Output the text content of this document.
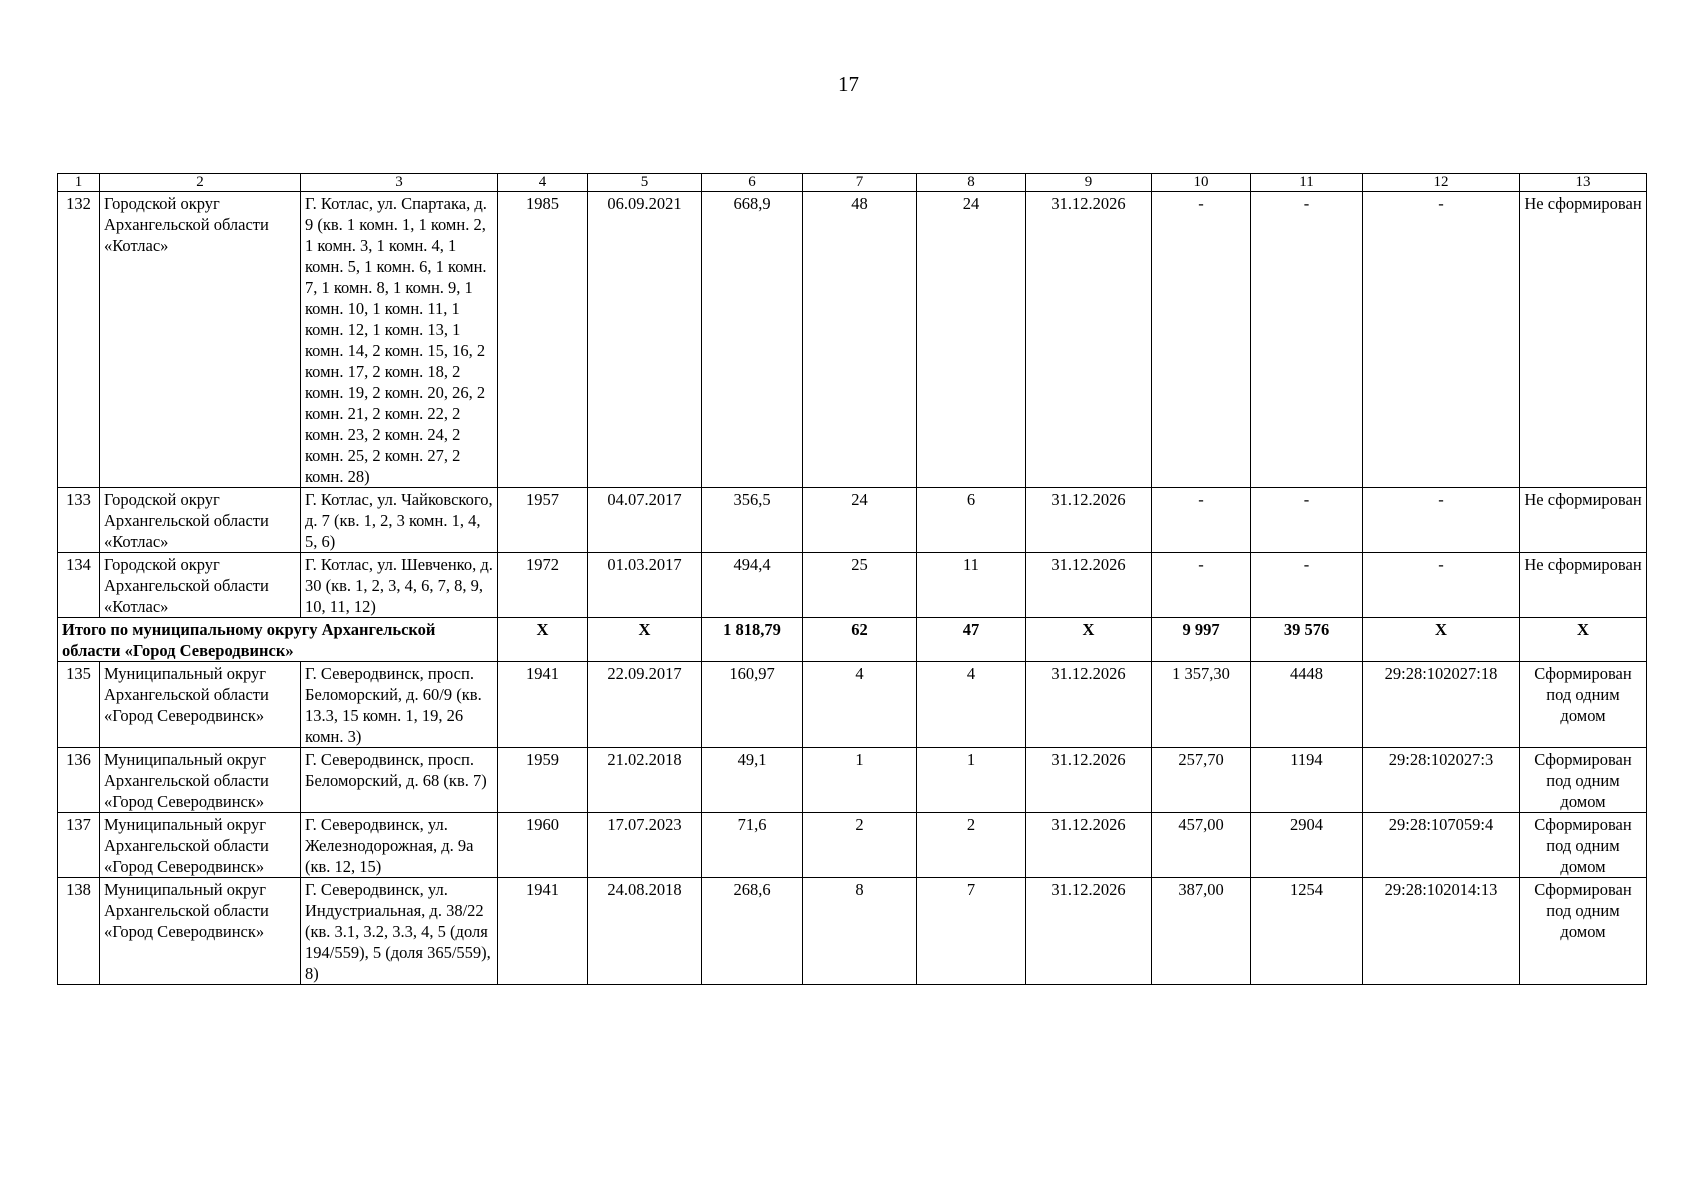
17
1	2	3	4	5	6	7	8	9	10	11	12	13
132	Городской округ Архангельской области «Котлас»	Г. Котлас, ул. Спартака, д. 9 (кв. 1 комн. 1, 1 комн. 2, 1 комн. 3, 1 комн. 4, 1 комн. 5, 1 комн. 6, 1 комн. 7, 1 комн. 8, 1 комн. 9, 1 комн. 10, 1 комн. 11, 1 комн. 12, 1 комн. 13, 1 комн. 14, 2 комн. 15, 16, 2 комн. 17, 2 комн. 18, 2 комн. 19, 2 комн. 20, 26, 2 комн. 21, 2 комн. 22, 2 комн. 23, 2 комн. 24, 2 комн. 25, 2 комн. 27, 2 комн. 28)	1985	06.09.2021	668,9	48	24	31.12.2026	-	-	-	Не сформирован
133	Городской округ Архангельской области «Котлас»	Г. Котлас, ул. Чайковского, д. 7 (кв. 1, 2, 3 комн. 1, 4, 5, 6)	1957	04.07.2017	356,5	24	6	31.12.2026	-	-	-	Не сформирован
134	Городской округ Архангельской области «Котлас»	Г. Котлас, ул. Шевченко, д. 30 (кв. 1, 2, 3, 4, 6, 7, 8, 9, 10, 11, 12)	1972	01.03.2017	494,4	25	11	31.12.2026	-	-	-	Не сформирован
Итого по муниципальному округу Архангельской области «Город Северодвинск»			X	X	1 818,79	62	47	X	9 997	39 576	X	X
135	Муниципальный округ Архангельской области «Город Северодвинск»	Г. Северодвинск, просп. Беломорский, д. 60/9 (кв. 13.3, 15 комн. 1, 19, 26 комн. 3)	1941	22.09.2017	160,97	4	4	31.12.2026	1 357,30	4448	29:28:102027:18	Сформирован под одним домом
136	Муниципальный округ Архангельской области «Город Северодвинск»	Г. Северодвинск, просп. Беломорский, д. 68 (кв. 7)	1959	21.02.2018	49,1	1	1	31.12.2026	257,70	1194	29:28:102027:3	Сформирован под одним домом
137	Муниципальный округ Архангельской области «Город Северодвинск»	Г. Северодвинск, ул. Железнодорожная, д. 9а (кв. 12, 15)	1960	17.07.2023	71,6	2	2	31.12.2026	457,00	2904	29:28:107059:4	Сформирован под одним домом
138	Муниципальный округ Архангельской области «Город Северодвинск»	Г. Северодвинск, ул. Индустриальная, д. 38/22 (кв. 3.1, 3.2, 3.3, 4, 5 (доля 194/559), 5 (доля 365/559), 8)	1941	24.08.2018	268,6	8	7	31.12.2026	387,00	1254	29:28:102014:13	Сформирован под одним домом
